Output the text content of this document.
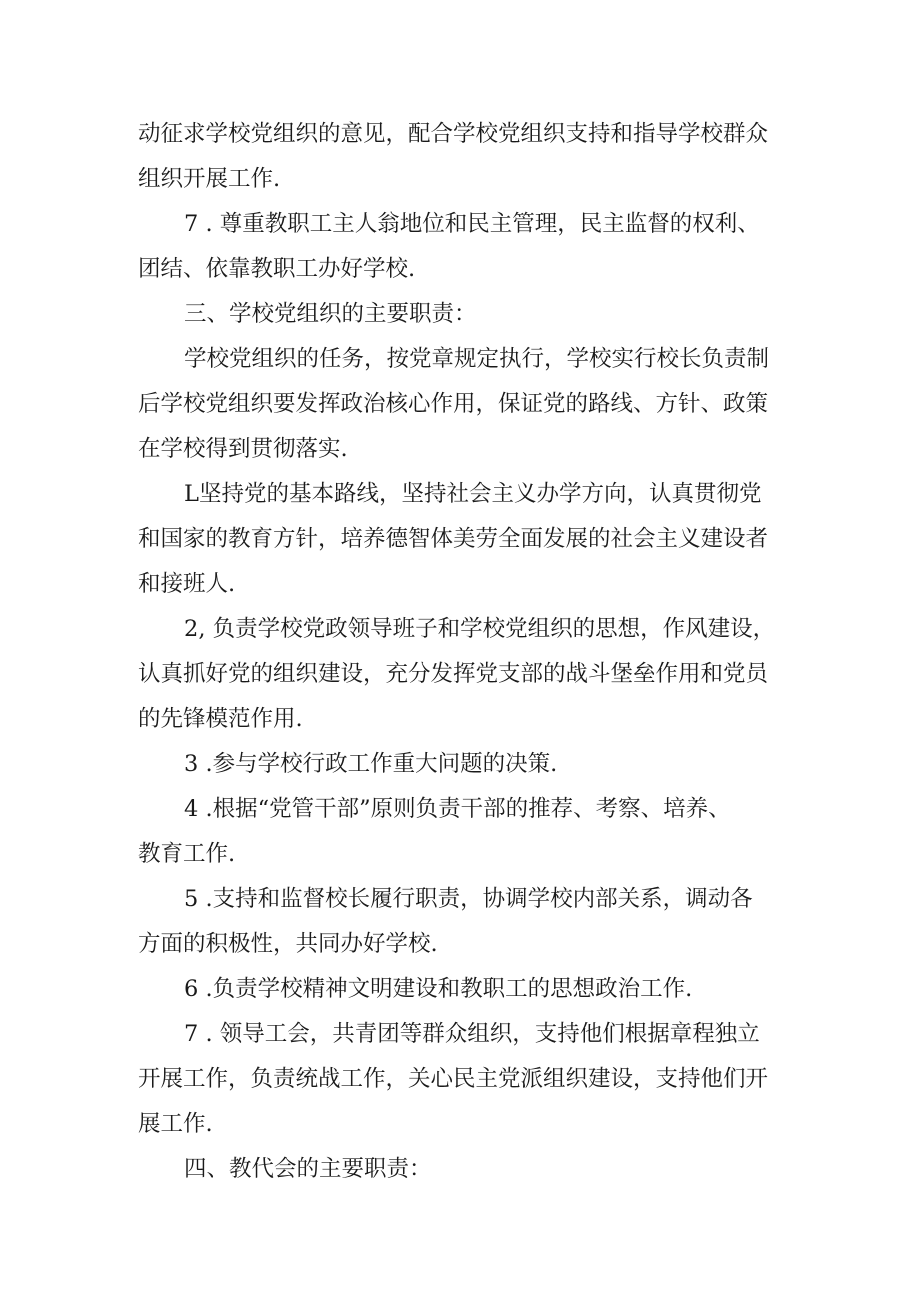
动征求学校党组织的意见，配合学校党组织支持和指导学校群众
组织开展工作.
7 . 尊重教职工主人翁地位和民主管理，民主监督的权利、
团结、依靠教职工办好学校.
三、学校党组织的主要职责：
学校党组织的任务，按党章规定执行，学校实行校长负责制
后学校党组织要发挥政治核心作用，保证党的路线、方针、政策
在学校得到贯彻落实.
L坚持党的基本路线，坚持社会主义办学方向，认真贯彻党
和国家的教育方针，培养德智体美劳全面发展的社会主义建设者
和接班人.
2, 负责学校党政领导班子和学校党组织的思想，作风建设，
认真抓好党的组织建设，充分发挥党支部的战斗堡垒作用和党员
的先锋模范作用.
3 .参与学校行政工作重大问题的决策.
4 .根据“党管干部”原则负责干部的推荐、考察、培养、
教育工作.
5 .支持和监督校长履行职责，协调学校内部关系，调动各
方面的积极性，共同办好学校.
6 .负责学校精神文明建设和教职工的思想政治工作.
7 . 领导工会，共青团等群众组织，支持他们根据章程独立
开展工作，负责统战工作，关心民主党派组织建设，支持他们开
展工作.
四、教代会的主要职责：
